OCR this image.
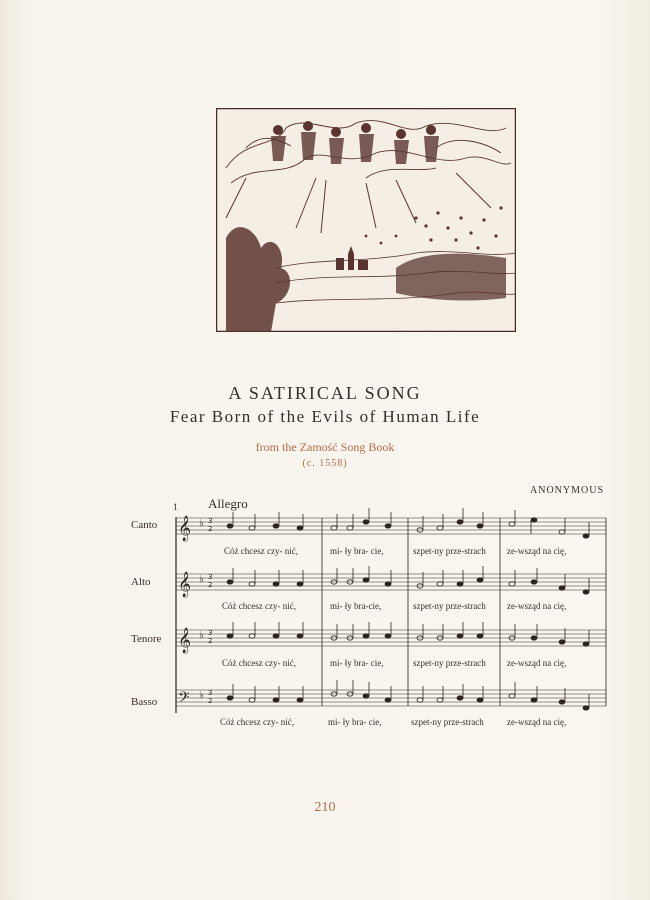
A SATIRICAL SONG
Fear Born of the Evils of Human Life
from the Zamość Song Book
(c. 1558)
ANONYMOUS
Allegro
1
𝄞
𝄞
𝄞
𝄢
♭ 3
2
♭ 3
2
♭ 3
2
♭ 3
2
Canto
Alto
Tenore
Basso
Cóż chcesz czy- nić,	mi- ły bra- cie,	szpet-ny prze-strach ze-wsząd na cię,
Cóż chcesz czy- nić,	mi- ły bra-cie,	szpet-ny prze-strach ze-wsząd na cię,
Cóż chcesz czy- nić,	mi- ły bra- cie,	szpet-ny prze-strach ze-wsząd na cię,
Cóż chcesz czy- nić,	mi- ły bra- cie,	szpet-ny prze-strach	ze-wsząd na cię,
210
